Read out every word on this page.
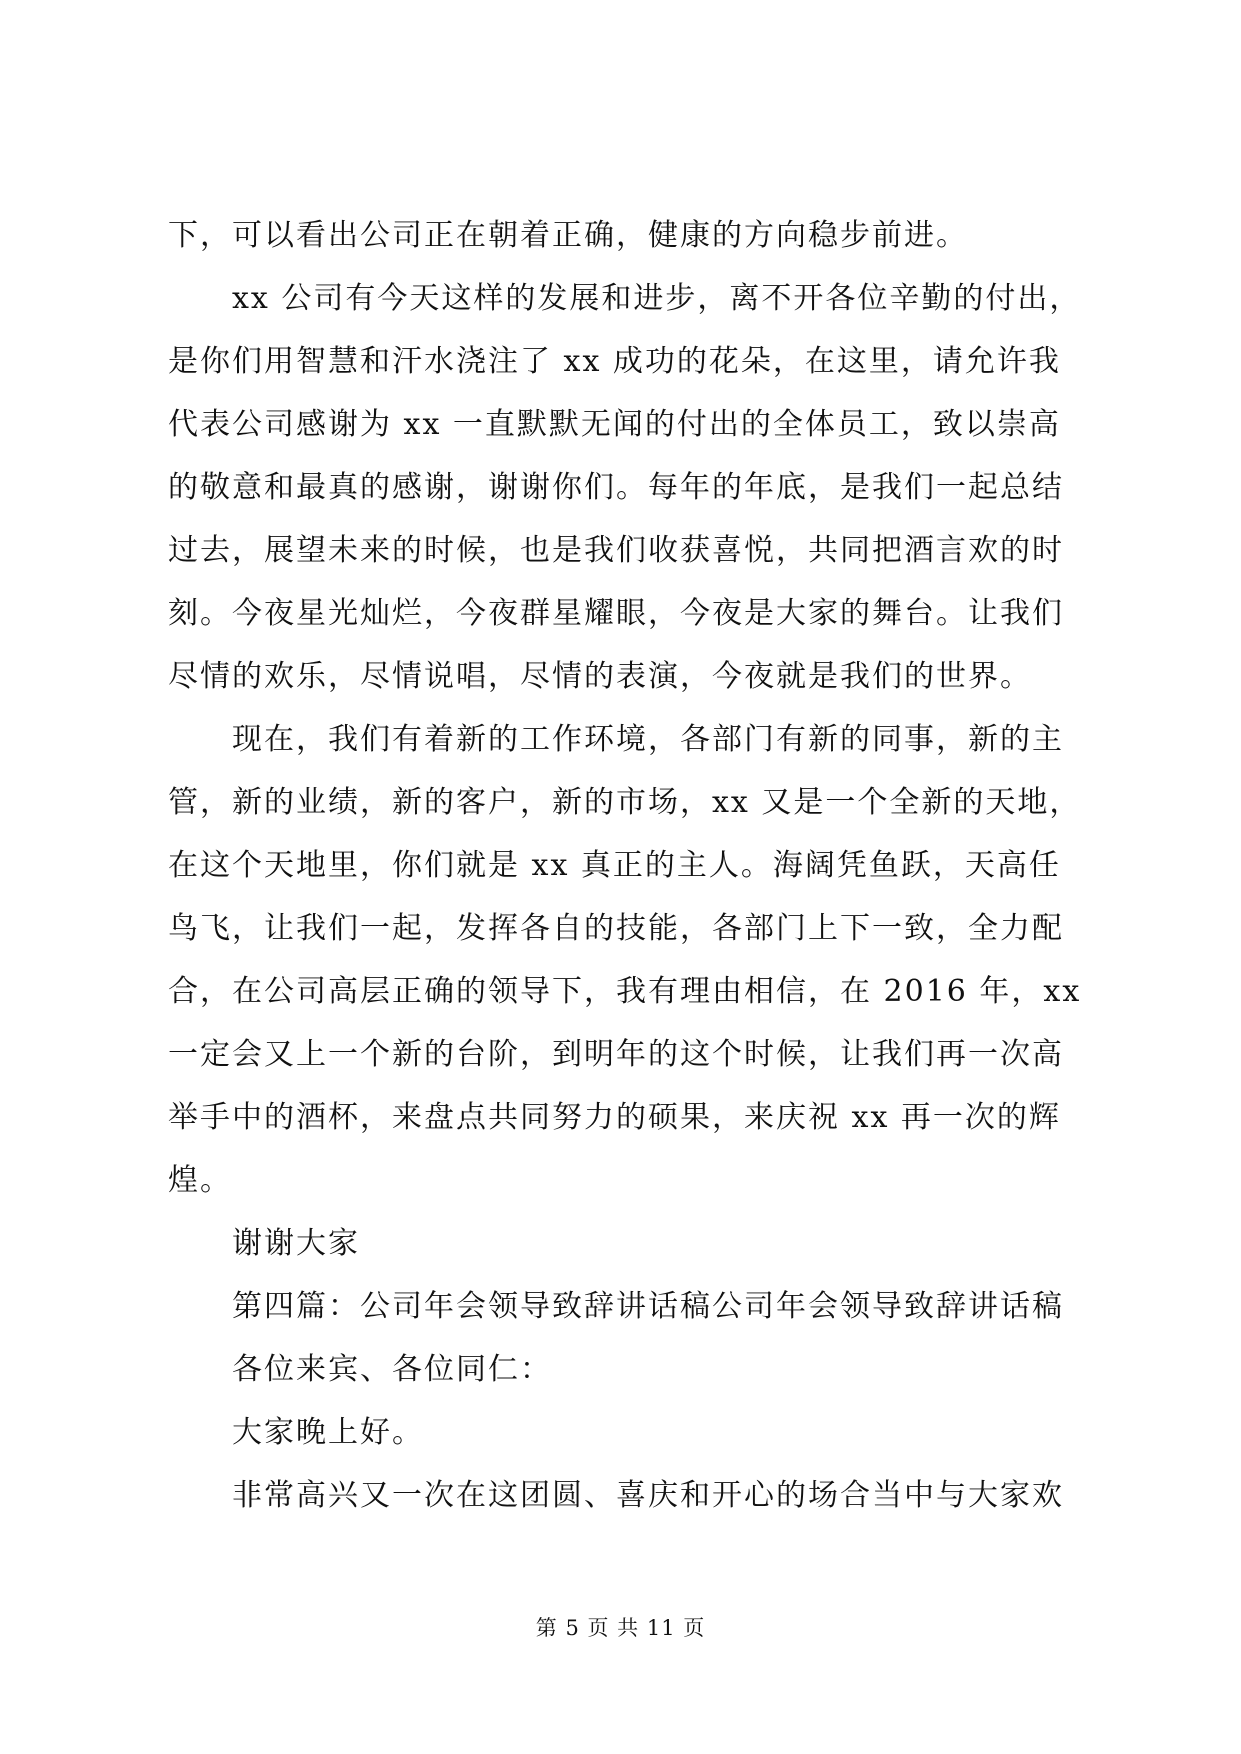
下，可以看出公司正在朝着正确，健康的方向稳步前进。
xx 公司有今天这样的发展和进步，离不开各位辛勤的付出，
是你们用智慧和汗水浇注了 xx 成功的花朵，在这里，请允许我
代表公司感谢为 xx 一直默默无闻的付出的全体员工，致以崇高
的敬意和最真的感谢，谢谢你们。每年的年底，是我们一起总结
过去，展望未来的时候，也是我们收获喜悦，共同把酒言欢的时
刻。今夜星光灿烂，今夜群星耀眼，今夜是大家的舞台。让我们
尽情的欢乐，尽情说唱，尽情的表演，今夜就是我们的世界。
现在，我们有着新的工作环境，各部门有新的同事，新的主
管，新的业绩，新的客户，新的市场，xx 又是一个全新的天地，
在这个天地里，你们就是 xx 真正的主人。海阔凭鱼跃，天高任
鸟飞，让我们一起，发挥各自的技能，各部门上下一致，全力配
合，在公司高层正确的领导下，我有理由相信，在 2016 年，xx
一定会又上一个新的台阶，到明年的这个时候，让我们再一次高
举手中的酒杯，来盘点共同努力的硕果，来庆祝 xx 再一次的辉
煌。
谢谢大家
第四篇：公司年会领导致辞讲话稿公司年会领导致辞讲话稿
各位来宾、各位同仁：
大家晚上好。
非常高兴又一次在这团圆、喜庆和开心的场合当中与大家欢
第 5 页 共 11 页
